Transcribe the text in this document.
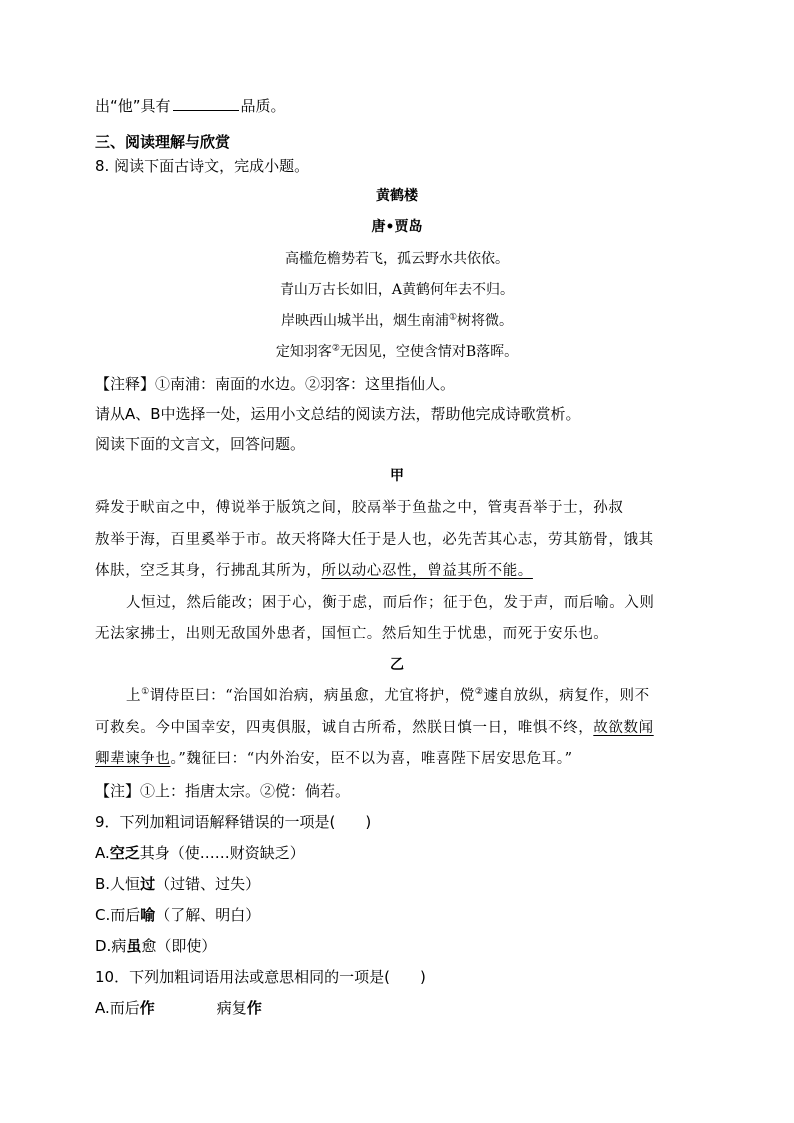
出“他”具有	品质。
三、阅读理解与欣赏
8. 阅读下面古诗文，完成小题。
黄鹤楼
唐•贾岛
高槛危檐势若飞，孤云野水共依依。
青山万古长如旧，A黄鹤何年去不归。
岸映西山城半出，烟生南浦①树将微。
定知羽客②无因见，空使含情对B落晖。
【注释】①南浦：南面的水边。②羽客：这里指仙人。
请从A、B中选择一处，运用小文总结的阅读方法，帮助他完成诗歌赏析。
阅读下面的文言文，回答问题。
甲
舜发于畎亩之中，傅说举于版筑之间，胶鬲举于鱼盐之中，管夷吾举于士，孙叔
敖举于海，百里奚举于市。故天将降大任于是人也，必先苦其心志，劳其筋骨，饿其
体肤，空乏其身，行拂乱其所为，所以动心忍性，曾益其所不能。
人恒过，然后能改；困于心，衡于虑，而后作；征于色，发于声，而后喻。入则
无法家拂士，出则无敌国外患者，国恒亡。然后知生于忧患，而死于安乐也。
乙
上①谓侍臣曰：“治国如治病，病虽愈，尤宜将护，傥②遽自放纵，病复作，则不
可救矣。今中国幸安，四夷俱服，诚自古所希，然朕日慎一日，唯惧不终，故欲数闻
卿辈谏争也。”魏征曰：“内外治安，臣不以为喜，唯喜陛下居安思危耳。”
【注】①上：指唐太宗。②傥：倘若。
9．下列加粗词语解释错误的一项是(　　)
A.空乏其身（使……财资缺乏）
B.人恒过（过错、过失）
C.而后喻（了解、明白）
D.病虽愈（即使）
10．下列加粗词语用法或意思相同的一项是(　　)
A.而后作	病复作
